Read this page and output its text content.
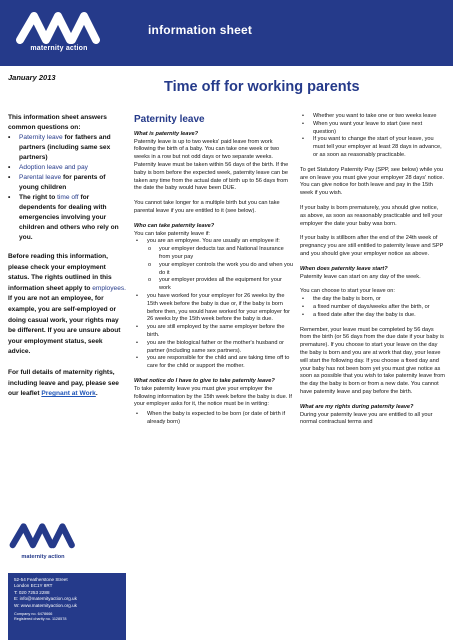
maternity action
information sheet
January 2013
Time off for working parents
This information sheet answers common questions on:
• Paternity leave for fathers and partners (including same sex partners)
• Adoption leave and pay
• Parental leave for parents of young children
• The right to time off for dependents for dealing with emergencies involving your children and others who rely on you.
Before reading this information, please check your employment status. The rights outlined in this information sheet apply to employees. If you are not an employee, for example, you are self-employed or doing casual work, your rights may be different. If you are unsure about your employment status, seek advice.
For full details of maternity rights, including leave and pay, please see our leaflet Pregnant at Work.
maternity action
52-54 Featherstone Street
London EC1Y 8RT
T: 020 7253 2288
E: info@maternityaction.org.uk
W: www.maternityaction.org.uk
Company no. 6478666
Registered charity no. 1128578
Paternity leave
What is paternity leave?
Paternity leave is up to two weeks' paid leave from work following the birth of a baby. You can take one week or two weeks in a row but not odd days or two separate weeks. Paternity leave must be taken within 56 days of the birth. If the baby is born before the expected week, paternity leave can be taken any time from the actual date of birth up to 56 days from the date the baby would have been DUE.
You cannot take longer for a multiple birth but you can take parental leave if you are entitled to it (see below).
Who can take paternity leave?
You can take paternity leave if:
• you are an employee. You are usually an employee if:
o your employer deducts tax and National Insurance from your pay
o your employer controls the work you do and when you do it
o your employer provides all the equipment for your work
• you have worked for your employer for 26 weeks by the 15th week before the baby is due or, if the baby is born before then, you would have worked for your employer for 26 weeks by the 15th week before the baby is due.
• you are still employed by the same employer before the birth.
• you are the biological father or the mother's husband or partner (including same sex partners).
• you are responsible for the child and are taking time off to care for the child or support the mother.
What notice do I have to give to take paternity leave?
To take paternity leave you must give your employer the following information by the 15th week before the baby is due. If your employer asks for it, the notice must be in writing:
• When the baby is expected to be born (or date of birth if already born)
• Whether you want to take one or two weeks leave
• When you want your leave to start (see next question)
• If you want to change the start of your leave, you must tell your employer at least 28 days in advance, or as soon as reasonably practicable.
To get Statutory Paternity Pay (SPP, see below) while you are on leave you must give your employer 28 days' notice. You can give notice for both leave and pay in the 15th week if you wish.
If your baby is born prematurely, you should give notice, as above, as soon as reasonably practicable and tell your employer the date your baby was born.
If your baby is stillborn after the end of the 24th week of pregnancy you are still entitled to paternity leave and SPP and you should give your employer notice as above.
When does paternity leave start?
Paternity leave can start on any day of the week.
You can choose to start your leave on:
• the day the baby is born, or
• a fixed number of days/weeks after the birth, or
• a fixed date after the day the baby is due.
Remember, your leave must be completed by 56 days from the birth (or 56 days from the due date if your baby is premature). If you choose to start your leave on the day the baby is born and you are at work that day, your leave will start the following day. If you choose a fixed day and your baby has not been born yet you must give notice as soon as possible that you wish to take paternity leave from the day the baby is born or from a new date. You cannot have paternity leave and pay before the birth.
What are my rights during paternity leave?
During your paternity leave you are entitled to all your normal contractual terms and
